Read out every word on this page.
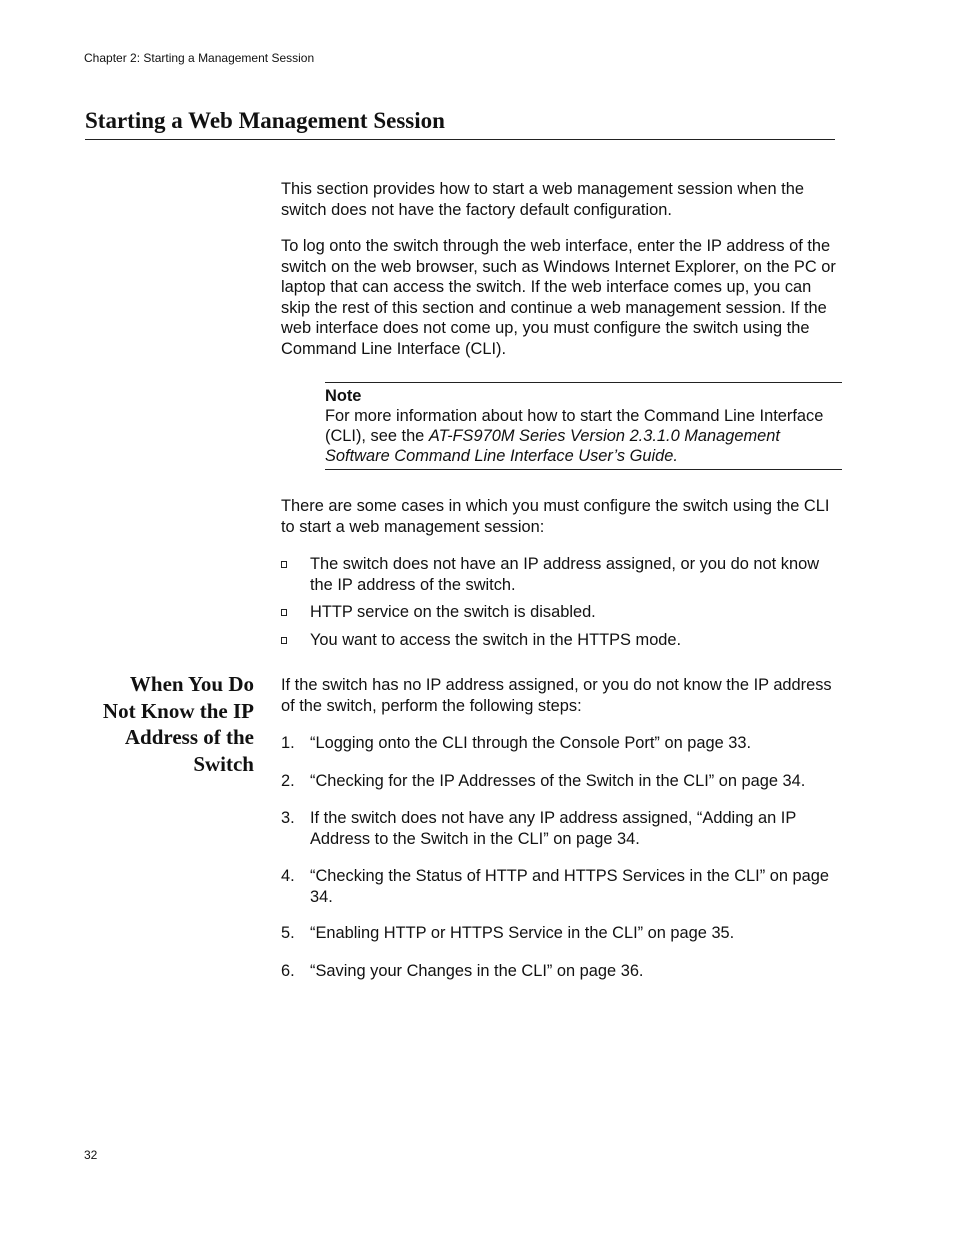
Chapter 2: Starting a Management Session
Starting a Web Management Session

This section provides how to start a web management session when the switch does not have the factory default configuration.

To log onto the switch through the web interface, enter the IP address of the switch on the web browser, such as Windows Internet Explorer, on the PC or laptop that can access the switch. If the web interface comes up, you can skip the rest of this section and continue a web management session. If the web interface does not come up, you must configure the switch using the Command Line Interface (CLI).

Note
For more information about how to start the Command Line Interface (CLI), see the AT-FS970M Series Version 2.3.1.0 Management Software Command Line Interface User’s Guide.

There are some cases in which you must configure the switch using the CLI to start a web management session:

The switch does not have an IP address assigned, or you do not know the IP address of the switch.
HTTP service on the switch is disabled.
You want to access the switch in the HTTPS mode.
When You Do
Not Know the IP
Address of the
Switch

If the switch has no IP address assigned, or you do not know the IP address of the switch, perform the following steps:

1. “Logging onto the CLI through the Console Port” on page 33.
2. “Checking for the IP Addresses of the Switch in the CLI” on page 34.
3. If the switch does not have any IP address assigned, “Adding an IP Address to the Switch in the CLI” on page 34.
4. “Checking the Status of HTTP and HTTPS Services in the CLI” on page 34.
5. “Enabling HTTP or HTTPS Service in the CLI” on page 35.
6. “Saving your Changes in the CLI” on page 36.
32
